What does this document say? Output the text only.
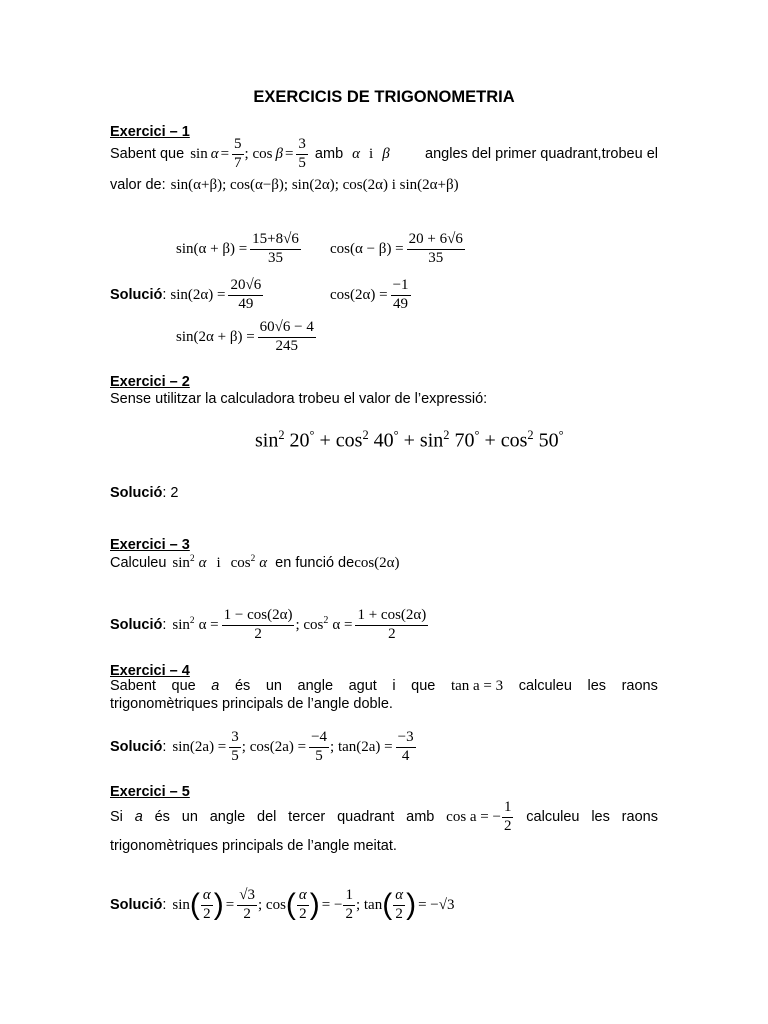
EXERCICIS DE TRIGONOMETRIA
Exercici – 1
Sabent que $\sin \alpha = \frac{5}{7}$ ; $\cos \beta = \frac{3}{5}$ amb α i β angles del primer quadrant,trobeu el
valor de: sin(α+β); cos(α−β); sin(2α); cos(2α) i sin(2α+β)
$\sin(\alpha + \beta) = \frac{15+8√6}{35} \cos(\alpha - \beta) = \frac{20 + 6√6}{35}$
Solució : $\sin(2\alpha) = \frac{20√6}{49}$	$\cos(2\alpha) = \frac{-1}{49}$
$\sin(2\alpha + \beta) = \frac{60√6 - 4}{245}$
Exercici – 2
Sense utilitzar la calculadora trobeu el valor de l’expressió:
$\sin^2 20^\circ + \cos^2 40^\circ + \sin^2 70^\circ + \cos^2 50^\circ$
Solució: 2
Exercici – 3
Calculeu $\sin^2 \alpha$ i $\cos^2 \alpha$ en funció de cos(2α)
Solució : $\sin^2 \alpha = \frac{1 - \cos(2\alpha)}{2}$ ; $\cos^2 \alpha = \frac{1 + \cos(2\alpha)}{2}$
Exercici – 4
Sabent que a és un angle agut i que tan a = 3 calculeu les raons
trigonomètriques principals de l’angle doble.
Solució : $\sin(2a) = \frac{3}{5}$ ; $\cos(2a) = \frac{-4}{5}$ ; $\tan(2a) = \frac{-3}{4}$
Exercici – 5
Si a és un angle del tercer quadrant amb cos a = − $\frac{1}{2}$ calculeu les raons
trigonomètriques principals de l’angle meitat.
Solució : sin ( $\frac{\alpha}{2}$ ) = $\frac{√3}{2}$ ; cos ( $\frac{\alpha}{2}$ ) = − $\frac{1}{2}$ ; tan ( $\frac{\alpha}{2}$ ) = −√3
